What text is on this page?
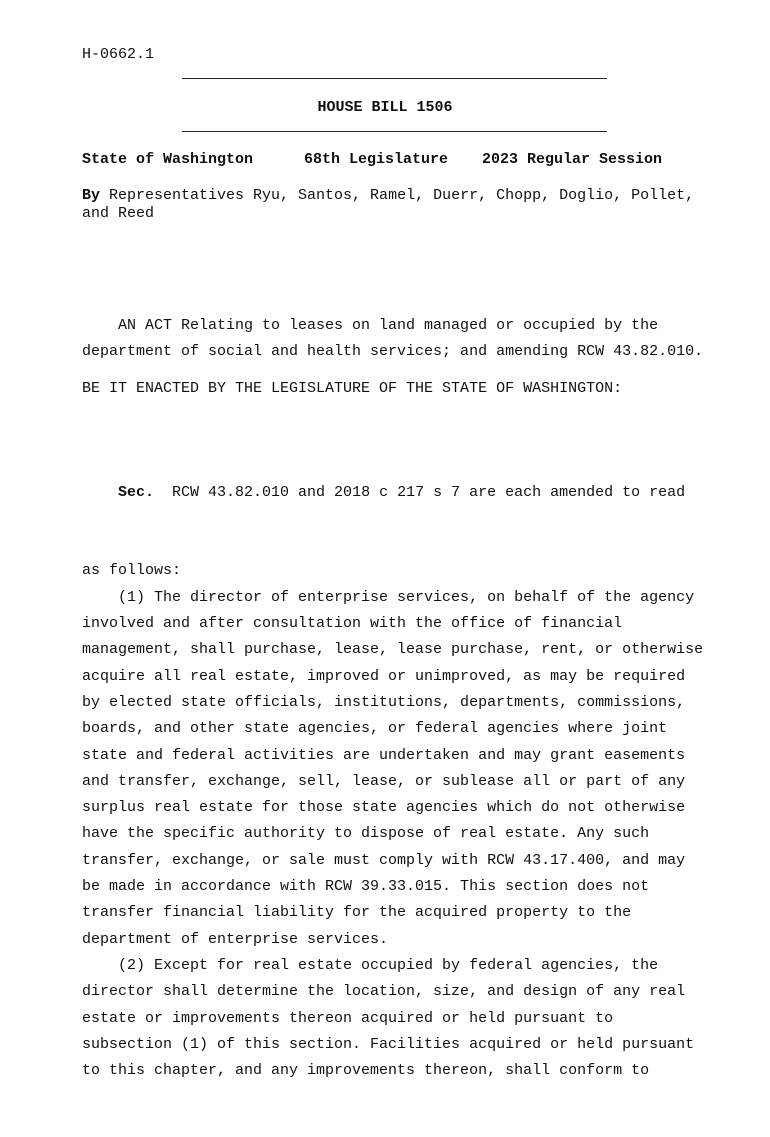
H-0662.1
HOUSE BILL 1506
State of Washington	68th Legislature 2023 Regular Session
By Representatives Ryu, Santos, Ramel, Duerr, Chopp, Doglio, Pollet, and Reed
AN ACT Relating to leases on land managed or occupied by the
department of social and health services; and amending RCW 43.82.010.
BE IT ENACTED BY THE LEGISLATURE OF THE STATE OF WASHINGTON:

Sec.  RCW 43.82.010 and 2018 c 217 s 7 are each amended to read

as follows:
(1) The director of enterprise services, on behalf of the agency
involved and after consultation with the office of financial
management, shall purchase, lease, lease purchase, rent, or otherwise
acquire all real estate, improved or unimproved, as may be required
by elected state officials, institutions, departments, commissions,
boards, and other state agencies, or federal agencies where joint
state and federal activities are undertaken and may grant easements
and transfer, exchange, sell, lease, or sublease all or part of any
surplus real estate for those state agencies which do not otherwise
have the specific authority to dispose of real estate. Any such
transfer, exchange, or sale must comply with RCW 43.17.400, and may
be made in accordance with RCW 39.33.015. This section does not
transfer financial liability for the acquired property to the
department of enterprise services.
(2) Except for real estate occupied by federal agencies, the
director shall determine the location, size, and design of any real
estate or improvements thereon acquired or held pursuant to
subsection (1) of this section. Facilities acquired or held pursuant
to this chapter, and any improvements thereon, shall conform to
